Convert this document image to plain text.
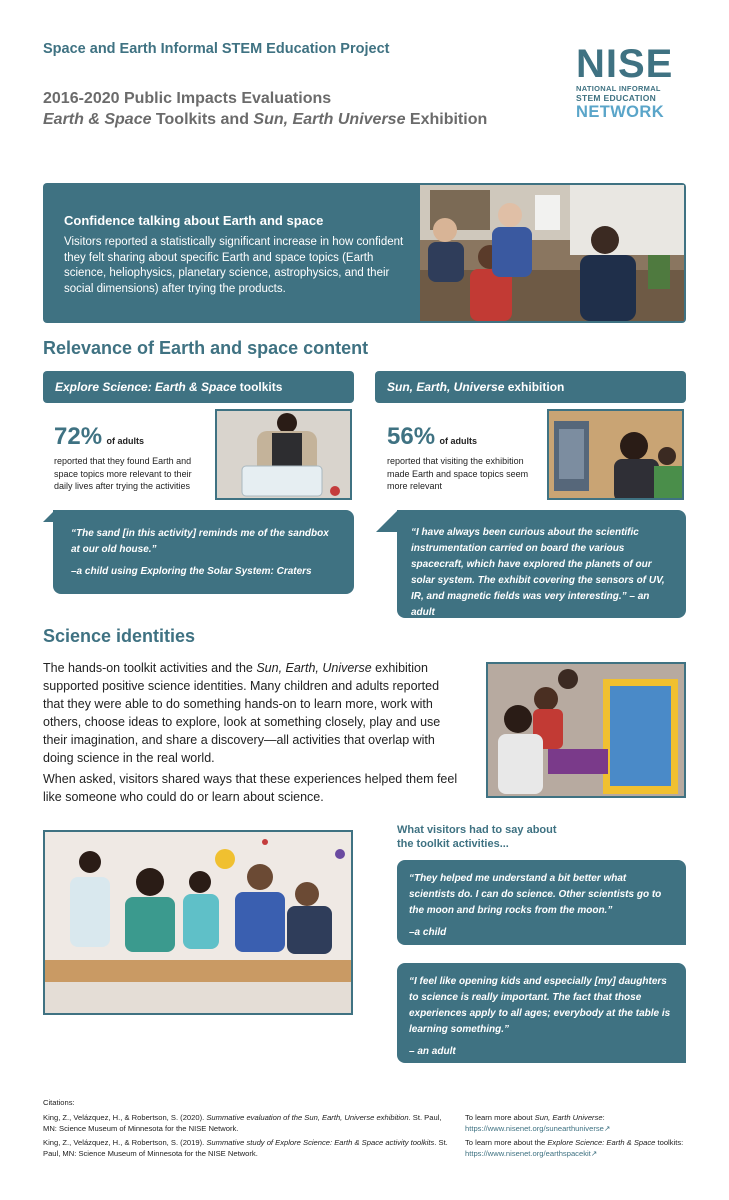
Space and Earth Informal STEM Education Project
2016-2020 Public Impacts Evaluations
Earth & Space Toolkits and Sun, Earth Universe Exhibition
NISE
NATIONAL INFORMAL
STEM EDUCATION
NETWORK
Confidence talking about Earth and space
Visitors reported a statistically significant increase in how confident they felt sharing about specific Earth and space topics (Earth science, heliophysics, planetary science, astrophysics, and their social dimensions) after trying the products.
Relevance of Earth and space content
Explore Science: Earth & Space toolkits	Sun, Earth, Universe exhibition
72% of adults
reported that they found Earth and space topics more relevant to their daily lives after trying the activities
56% of adults
reported that visiting the exhibition made Earth and space topics seem more relevant
“The sand [in this activity] reminds me of the sandbox at our old house.”
–a child using Exploring the Solar System: Craters
“I have always been curious about the scientific instrumentation carried on board the various spacecraft, which have explored the planets of our solar system. The exhibit covering the sensors of UV, IR, and magnetic fields was very interesting.” – an adult
Science identities
The hands-on toolkit activities and the Sun, Earth, Universe exhibition supported positive science identities. Many children and adults reported that they were able to do something hands-on to learn more, work with others, choose ideas to explore, look at something closely, play and use their imagination, and share a discovery—all activities that overlap with doing science in the real world.
When asked, visitors shared ways that these experiences helped them feel like someone who could do or learn about science.
What visitors had to say about
the toolkit activities...
“They helped me understand a bit better what scientists do. I can do science. Other scientists go to the moon and bring rocks from the moon.”
–a child
“I feel like opening kids and especially [my] daughters to science is really important. The fact that those experiences apply to all ages; everybody at the table is learning something.”
– an adult
Citations:
King, Z., Velázquez, H., & Robertson, S. (2020). Summative evaluation of the Sun, Earth, Universe exhibition. St. Paul, MN: Science Museum of Minnesota for the NISE Network.
King, Z., Velázquez, H., & Robertson, S. (2019). Summative study of Explore Science: Earth & Space activity toolkits. St. Paul, MN: Science Museum of Minnesota for the NISE Network.
To learn more about Sun, Earth Universe:
https://www.nisenet.org/sunearthuniverse↗
To learn more about the Explore Science: Earth & Space toolkits: https://www.nisenet.org/earthspacekit↗
